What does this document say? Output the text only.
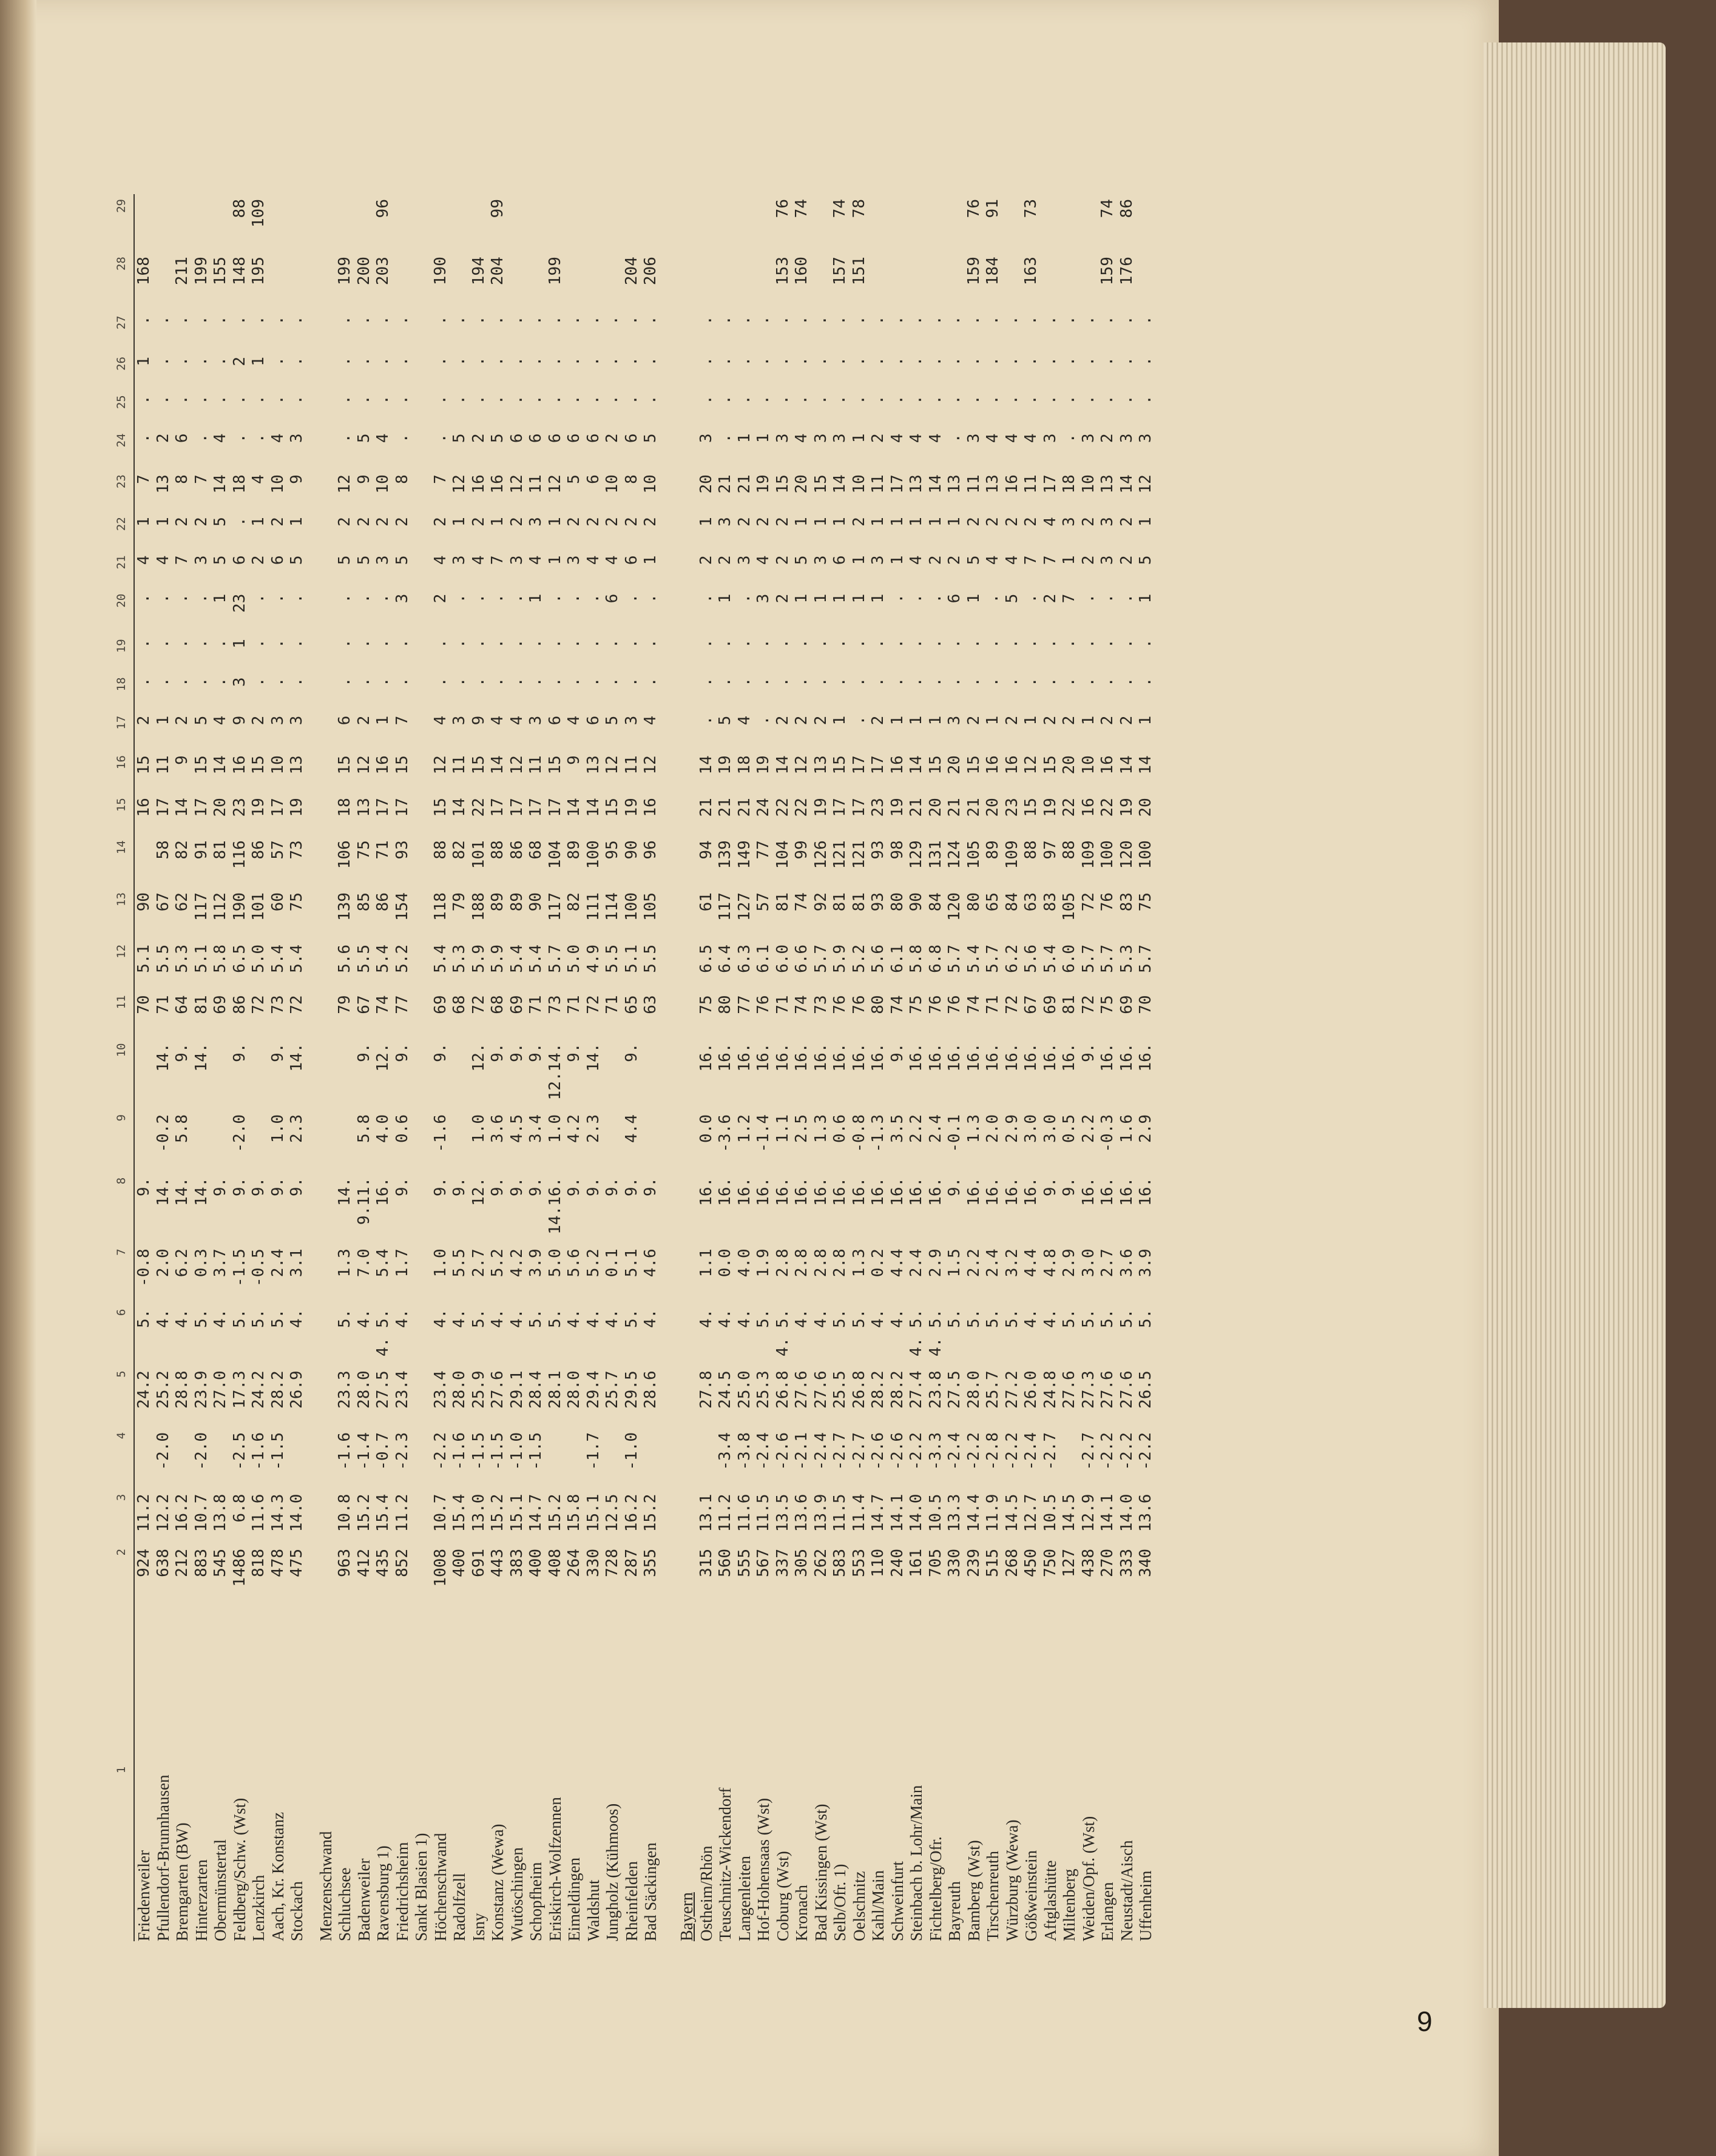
1	2	3	4	5	6	7	8	9	10	11	12	13	14	15	16	17	18	19	20	21	22	23	24	25	26	27	28	29
Friedenweiler	924	11.2		24.2	5.	-0.8	9.			70	5.1	90		16	15	2	.	.	.	4	1	7	.	.	1	.	168	
Pfullendorf-Brunnhausen	638	12.2	-2.0	25.2	4.	2.0	14.	-0.2	14.	71	5.5	67	58	17	11	1	.	.	.	4	1	13	2	.	.	.		
Bremgarten (BW)	212	16.2		28.8	4.	6.2	14.	5.8	9.	64	5.3	62	82	14	9	2	.	.	.	7	2	8	6	.	.	.	211	
Hinterzarten	883	10.7	-2.0	23.9	5.	0.3	14.		14.	81	5.1	117	91	17	15	5	.	.	.	3	2	7	.	.	.	.	199	
Obermünstertal	545	13.8		27.0	4.	3.7	9.			69	5.8	112	81	20	14	4	.	.	1	5	5	14	4	.	.	.	155	
Feldberg/Schw. (Wst)	1486	6.8	-2.5	17.3	5.	-1.5	9.	-2.0	9.	86	6.5	190	116	23	16	9	3	1	23	6	.	18	.	.	2	.	148	88
Lenzkirch	818	11.6	-1.6	24.2	5.	-0.5	9.			72	5.0	101	86	19	15	2	.	.	.	2	1	4	.	.	1	.	195	109
Aach, Kr. Konstanz	478	14.3	-1.5	28.2	5.	2.4	9.	1.0	9.	73	5.4	60	57	17	10	3	.	.	.	6	2	10	4	.	.	.		
Stockach	475	14.0		26.9	4.	3.1	9.	2.3	14.	72	5.4	75	73	19	13	3	.	.	.	5	1	9	3	.	.	.		

Menzenschwand																												
Schluchsee	963	10.8	-1.6	23.3	5.	1.3	14.			79	5.6	139	106	18	15	6	.	.	.	5	2	12	.	.	.	.	199	
Badenweiler	412	15.2	-1.4	28.0	4.	7.0	9.11.	5.8	9.	67	5.5	85	75	13	12	2	.	.	.	5	2	9	5	.	.	.	200	
Ravensburg 1)	435	15.4	-0.7	27.5	4. 5.	5.4	16.	4.0	12.	74	5.4	86	71	17	16	1	.	.	.	3	2	10	4	.	.	.	203	96
Friedrichsheim	852	11.2	-2.3	23.4	4.	1.7	9.	0.6	9.	77	5.2	154	93	17	15	7	.	.	3	5	2	8	.	.	.	.		
Sankt Blasien 1)																												
Höchenschwand	1008	10.7	-2.2	23.4	4.	1.0	9.	-1.6	9.	69	5.4	118	88	15	12	4	.	.	2	4	2	7	.	.	.	.	190	
Radolfzell	400	15.4	-1.6	28.0	4.	5.5	9.			68	5.3	79	82	14	11	3	.	.	.	3	1	12	5	.	.	.		
Isny	691	13.0	-1.5	25.9	5.	2.7	12.	1.0	12.	72	5.9	188	101	22	15	9	.	.	.	4	2	16	2	.	.	.	194	
Konstanz (Wewa)	443	15.2	-1.5	27.6	4.	5.2	9.	3.6	9.	68	5.9	89	88	17	14	4	.	.	.	7	1	16	5	.	.	.	204	99
Wutöschingen	383	15.1	-1.0	29.1	4.	4.2	9.	4.5	9.	69	5.4	89	86	17	12	4	.	.	.	3	2	12	6	.	.	.		
Schopfheim	400	14.7	-1.5	28.4	5.	3.9	9.	3.4	9.	71	5.4	90	68	17	11	3	.	.	1	4	3	11	6	.	.	.		
Eriskirch-Wolfzennen	408	15.2		28.1	5.	5.0	14.16.	1.0	12.14.	73	5.7	117	104	17	15	6	.	.	.	1	1	12	6	.	.	.	199	
Eimeldingen	264	15.8		28.0	4.	5.6	9.	4.2	9.	71	5.0	82	89	14	9	4	.	.	.	3	2	5	6	.	.	.		
Waldshut	330	15.1	-1.7	29.4	4.	5.2	9.	2.3	14.	72	4.9	111	100	14	13	6	.	.	.	4	2	6	6	.	.	.		
Jungholz (Kühmoos)	728	12.5		25.7	4.	0.1	9.			71	5.5	114	95	15	12	5	.	.	6	4	2	10	2	.	.	.		
Rheinfelden	287	16.2	-1.0	29.5	5.	5.1	9.	4.4	9.	65	5.1	100	90	19	11	3	.	.	.	6	2	8	6	.	.	.	204	
Bad Säckingen	355	15.2		28.6	4.	4.6	9.			63	5.5	105	96	16	12	4	.	.	.	1	2	10	5	.	.	.	206	
Bayern																												
Ostheim/Rhön	315	13.1		27.8	4.	1.1	16.	0.0	16.	75	6.5	61	94	21	14	.	.	.	.	2	1	20	3	.	.	.		
Teuschnitz-Wickendorf	560	11.2	-3.4	24.5	4.	0.0	16.	-3.6	16.	80	6.4	117	139	21	19	5	.	.	1	2	3	21	.	.	.	.		
Langenleiten	555	11.6	-3.8	25.0	4.	4.0	16.	1.2	16.	77	6.3	127	149	21	18	4	.	.	.	3	2	21	1	.	.	.		
Hof-Hohensaas (Wst)	567	11.5	-2.4	25.3	5.	1.9	16.	-1.4	16.	76	6.1	57	77	24	19	.	.	.	3	4	2	19	1	.	.	.		
Coburg (Wst)	337	13.5	-2.6	26.8	4. 5.	2.8	16.	1.1	16.	71	6.0	81	104	22	14	2	.	.	2	2	2	15	3	.	.	.	153	76
Kronach	305	13.6	-2.1	27.6	4.	2.8	16.	2.5	16.	74	6.6	74	99	22	12	2	.	.	1	5	1	20	4	.	.	.	160	74
Bad Kissingen (Wst)	262	13.9	-2.4	27.6	4.	2.8	16.	1.3	16.	73	5.7	92	126	19	13	2	.	.	1	3	1	15	3	.	.	.		
Selb/Ofr. 1)	583	11.5	-2.7	25.5	5.	2.8	16.	0.6	16.	76	5.9	81	121	17	15	1	.	.	1	6	1	14	3	.	.	.	157	74
Oelschnitz	553	11.4	-2.7	26.8	5.	1.3	16.	-0.8	16.	76	5.2	81	121	17	17	.	.	.	1	1	2	10	1	.	.	.	151	78
Kahl/Main	110	14.7	-2.6	28.2	4.	0.2	16.	-1.3	16.	80	5.6	93	93	23	17	2	.	.	1	3	1	11	2	.	.	.		
Schweinfurt	240	14.1	-2.6	28.2	4.	4.4	16.	3.5	9.	74	6.1	80	98	19	16	1	.	.	.	1	1	17	4	.	.	.		
Steinbach b. Lohr/Main	161	14.0	-2.2	27.4	4. 5.	2.4	16.	2.2	16.	75	5.8	90	129	21	14	1	.	.	.	4	1	13	4	.	.	.		
Fichtelberg/Ofr.	705	10.5	-3.3	23.8	4. 5.	2.9	16.	2.4	16.	76	6.8	84	131	20	15	1	.	.	.	2	1	14	4	.	.	.		
Bayreuth	330	13.3	-2.4	27.5	5.	1.5	9.	-0.1	16.	76	5.7	120	124	21	20	3	.	.	6	2	1	13	.	.	.	.		
Bamberg (Wst)	239	14.4	-2.2	28.0	5.	2.2	16.	1.3	16.	74	5.4	80	105	21	15	2	.	.	1	5	2	11	3	.	.	.	159	76
Tirschenreuth	515	11.9	-2.8	25.7	5.	2.4	16.	2.0	16.	71	5.7	65	89	20	16	1	.	.	.	4	2	13	4	.	.	.	184	91
Würzburg (Wewa)	268	14.5	-2.2	27.2	5.	3.2	16.	2.9	16.	72	6.2	84	109	23	16	2	.	.	5	4	2	16	4	.	.	.		
Gößweinstein	450	12.7	-2.4	26.0	4.	4.4	16.	3.0	16.	67	5.6	63	88	15	12	1	.	.	.	7	2	11	4	.	.	.	163	73
Aftglashütte	750	10.5	-2.7	24.8	4.	4.8	9.	3.0	16.	69	5.4	83	97	19	15	2	.	.	2	7	4	17	3	.	.	.		
Miltenberg	127	14.5		27.6	5.	2.9	9.	0.5	16.	81	6.0	105	88	22	20	2	.	.	7	1	3	18	.	.	.	.		
Weiden/Opf. (Wst)	438	12.9	-2.7	27.3	5.	3.0	16.	2.2	9.	72	5.7	72	109	16	10	1	.	.	.	2	2	10	3	.	.	.		
Erlangen	270	14.1	-2.2	27.6	5.	2.7	16.	-0.3	16.	75	5.7	76	100	22	16	2	.	.	.	3	3	13	2	.	.	.	159	74
Neustadt/Aisch	333	14.0	-2.2	27.6	5.	3.6	16.	1.6	16.	69	5.3	83	120	19	14	2	.	.	.	2	2	14	3	.	.	.	176	86
Uffenheim	340	13.6	-2.2	26.5	5.	3.9	16.	2.9	16.	70	5.7	75	100	20	14	1	.	.	1	5	1	12	3	.	.	.		
9
